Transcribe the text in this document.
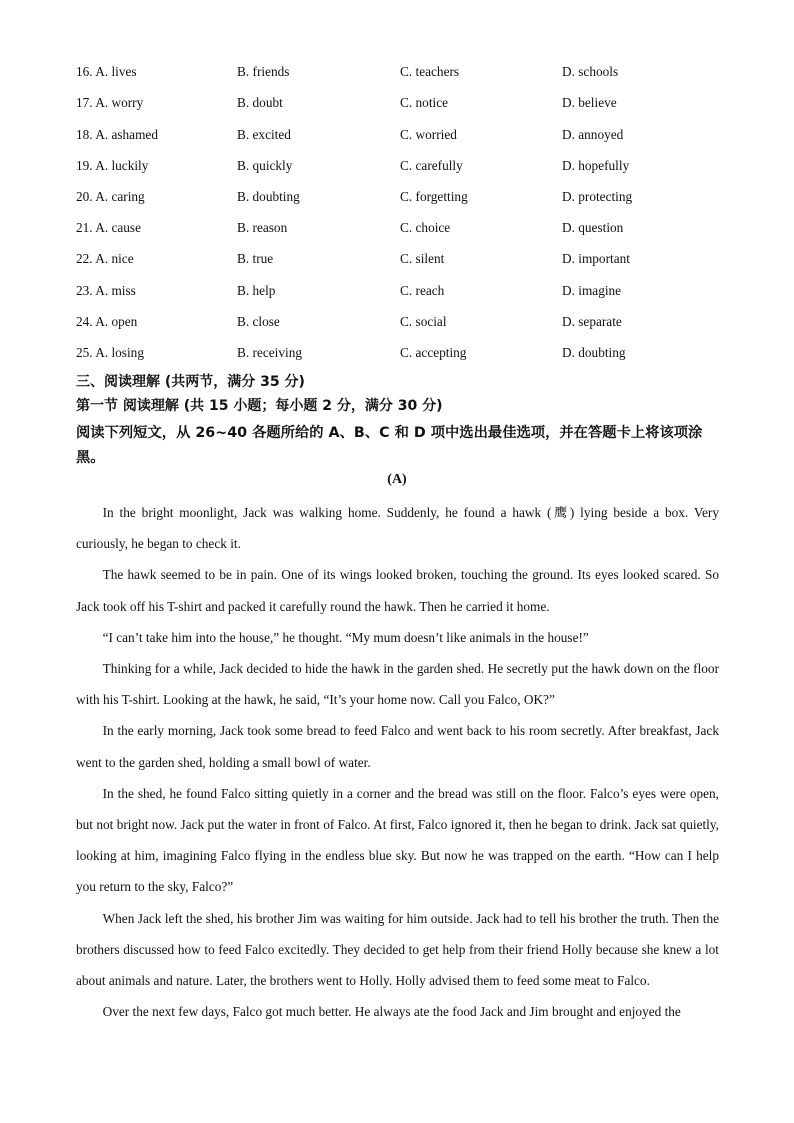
16. A. lives	B. friends	C. teachers	D. schools
17. A. worry	B. doubt	C. notice	D. believe
18. A. ashamed	B. excited	C. worried	D. annoyed
19. A. luckily	B. quickly	C. carefully	D. hopefully
20. A. caring	B. doubting	C. forgetting	D. protecting
21. A. cause	B. reason	C. choice	D. question
22. A. nice	B. true	C. silent	D. important
23. A. miss	B. help	C. reach	D. imagine
24. A. open	B. close	C. social	D. separate
25. A. losing	B. receiving	C. accepting	D. doubting
三、阅读理解 (共两节，满分 35 分)
第一节 阅读理解 (共 15 小题；每小题 2 分，满分 30 分)
阅读下列短文，从 26~40 各题所给的 A、B、C 和 D 项中选出最佳选项，并在答题卡上将该项涂黑。
(A)

In the bright moonlight, Jack was walking home. Suddenly, he found a hawk (鹰) lying beside a box. Very curiously, he began to check it.

The hawk seemed to be in pain. One of its wings looked broken, touching the ground. Its eyes looked scared. So Jack took off his T-shirt and packed it carefully round the hawk. Then he carried it home.

“I can’t take him into the house,” he thought. “My mum doesn’t like animals in the house!”

Thinking for a while, Jack decided to hide the hawk in the garden shed. He secretly put the hawk down on the floor with his T-shirt. Looking at the hawk, he said, “It’s your home now. Call you Falco, OK?”

In the early morning, Jack took some bread to feed Falco and went back to his room secretly. After breakfast, Jack went to the garden shed, holding a small bowl of water.

In the shed, he found Falco sitting quietly in a corner and the bread was still on the floor. Falco’s eyes were open, but not bright now. Jack put the water in front of Falco. At first, Falco ignored it, then he began to drink. Jack sat quietly, looking at him, imagining Falco flying in the endless blue sky. But now he was trapped on the earth. “How can I help you return to the sky, Falco?”

When Jack left the shed, his brother Jim was waiting for him outside. Jack had to tell his brother the truth. Then the brothers discussed how to feed Falco excitedly. They decided to get help from their friend Holly because she knew a lot about animals and nature. Later, the brothers went to Holly. Holly advised them to feed some meat to Falco.

Over the next few days, Falco got much better. He always ate the food Jack and Jim brought and enjoyed the
